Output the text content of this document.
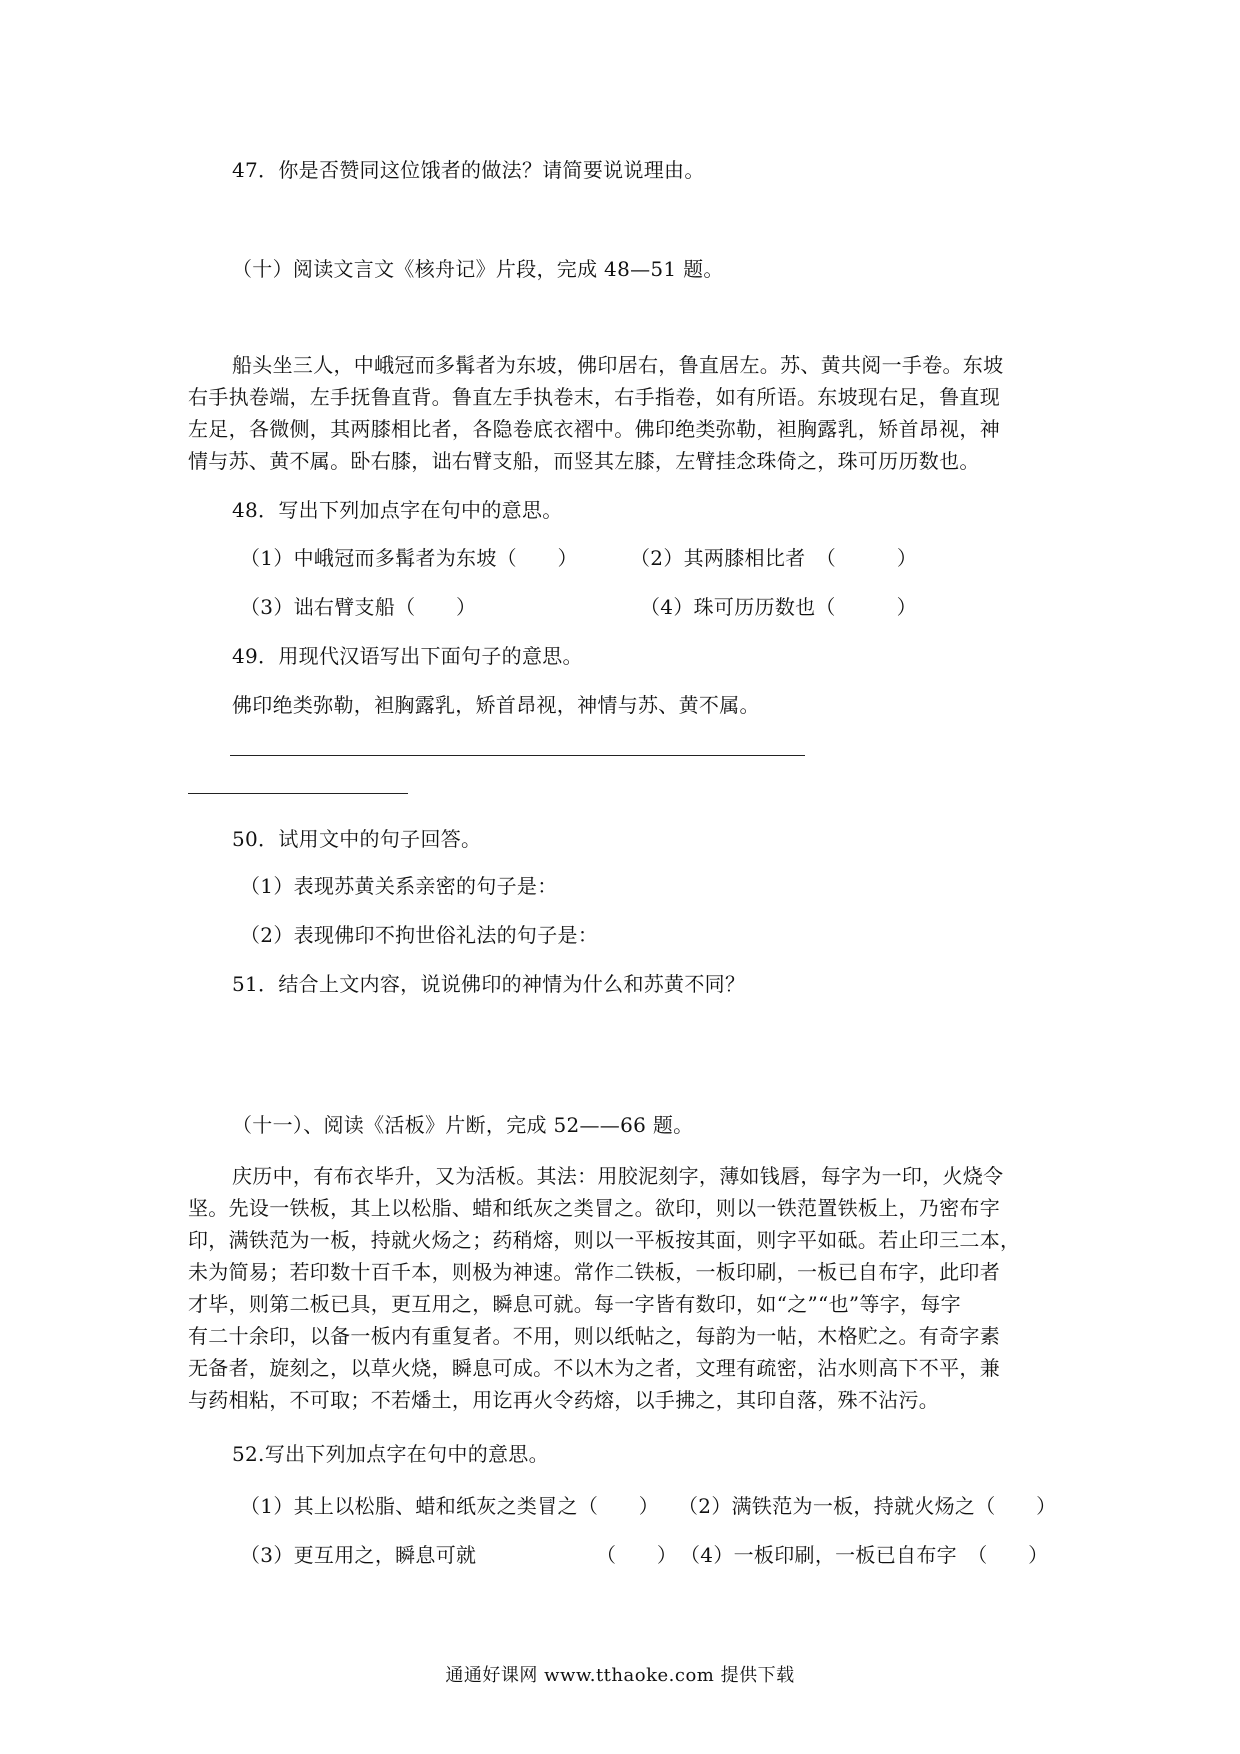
47．你是否赞同这位饿者的做法？请简要说说理由。
（十）阅读文言文《核舟记》片段，完成 48—51 题。
船头坐三人，中峨冠而多髯者为东坡，佛印居右，鲁直居左。苏、黄共阅一手卷。东坡
右手执卷端，左手抚鲁直背。鲁直左手执卷末，右手指卷，如有所语。东坡现右足，鲁直现
左足，各微侧，其两膝相比者，各隐卷底衣褶中。佛印绝类弥勒，袒胸露乳，矫首昂视，神
情与苏、黄不属。卧右膝，诎右臂支船，而竖其左膝，左臂挂念珠倚之，珠可历历数也。
48．写出下列加点字在句中的意思。
（1）中峨冠而多髯者为东坡（　　）	（2）其两膝相比者　（　　　）
（3）诎右臂支船（　　）	（4）珠可历历数也（　　　）
49．用现代汉语写出下面句子的意思。
佛印绝类弥勒，袒胸露乳，矫首昂视，神情与苏、黄不属。
50．试用文中的句子回答。
（1）表现苏黄关系亲密的句子是：
（2）表现佛印不拘世俗礼法的句子是：
51．结合上文内容，说说佛印的神情为什么和苏黄不同？
（十一）、阅读《活板》片断，完成 52——66 题。
庆历中，有布衣毕升，又为活板。其法：用胶泥刻字，薄如钱唇，每字为一印，火烧令
坚。先设一铁板，其上以松脂、蜡和纸灰之类冒之。欲印，则以一铁范置铁板上，乃密布字
印，满铁范为一板，持就火炀之；药稍熔，则以一平板按其面，则字平如砥。若止印三二本，
未为简易；若印数十百千本，则极为神速。常作二铁板，一板印刷，一板已自布字，此印者
才毕，则第二板已具，更互用之，瞬息可就。每一字皆有数印，如“之”“也”等字，每字
有二十余印，以备一板内有重复者。不用，则以纸帖之，每韵为一帖，木格贮之。有奇字素
无备者，旋刻之，以草火烧，瞬息可成。不以木为之者，文理有疏密，沾水则高下不平，兼
与药相粘，不可取；不若燔土，用讫再火令药熔，以手拂之，其印自落，殊不沾污。
52.写出下列加点字在句中的意思。
（1）其上以松脂、蜡和纸灰之类冒之（　　） （2）满铁范为一板，持就火炀之（　　）
（3）更互用之，瞬息可就	（　　） （4）一板印刷，一板已自布字　（　　）
通通好课网 www.tthaoke.com 提供下载
